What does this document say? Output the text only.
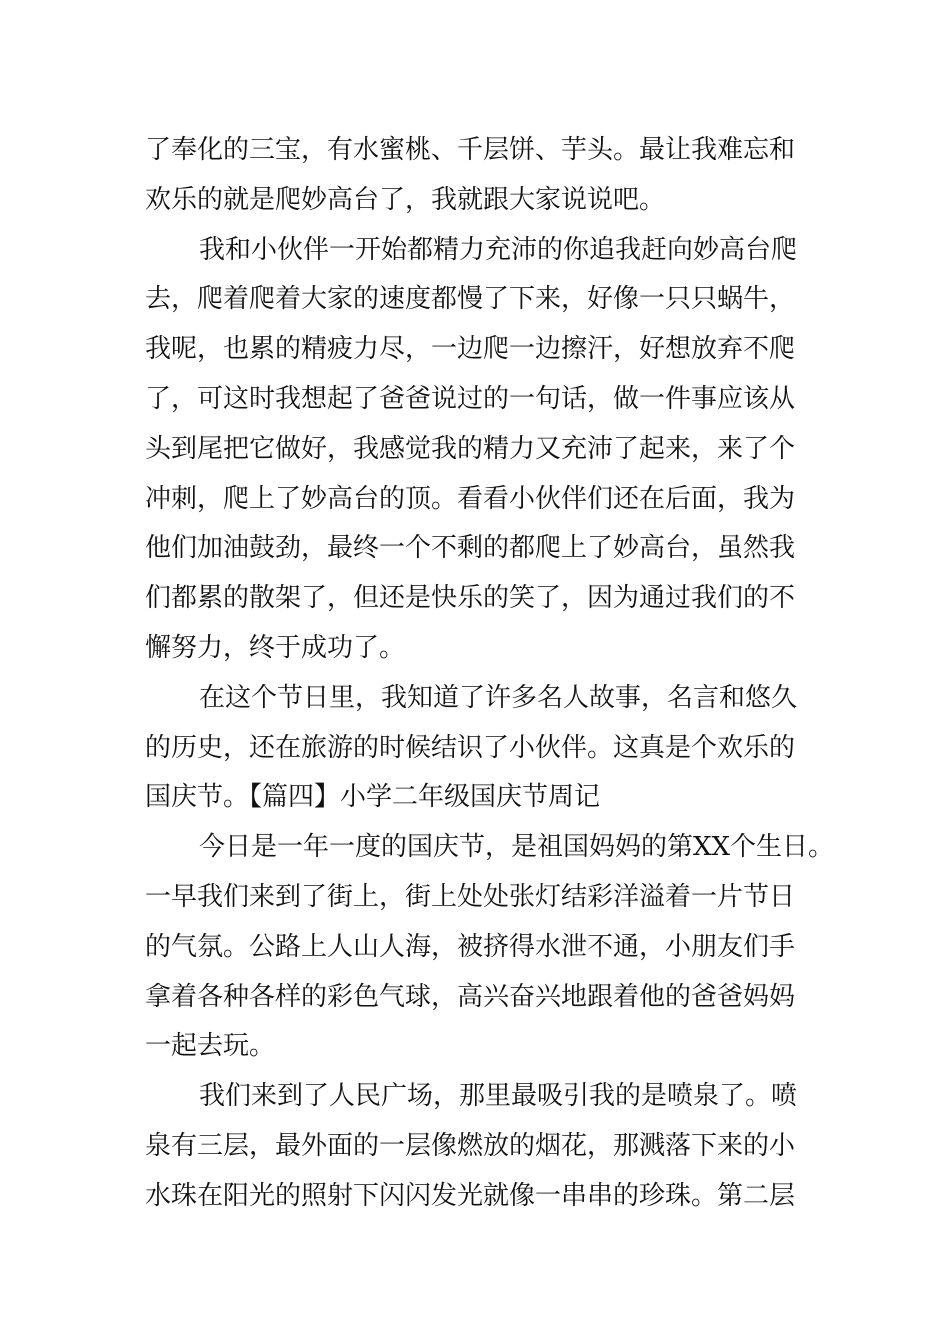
了奉化的三宝，有水蜜桃、千层饼、芋头。最让我难忘和
欢乐的就是爬妙高台了，我就跟大家说说吧。
我和小伙伴一开始都精力充沛的你追我赶向妙高台爬
去，爬着爬着大家的速度都慢了下来，好像一只只蜗牛，
我呢，也累的精疲力尽，一边爬一边擦汗，好想放弃不爬
了，可这时我想起了爸爸说过的一句话，做一件事应该从
头到尾把它做好，我感觉我的精力又充沛了起来，来了个
冲刺，爬上了妙高台的顶。看看小伙伴们还在后面，我为
他们加油鼓劲，最终一个不剩的都爬上了妙高台，虽然我
们都累的散架了，但还是快乐的笑了，因为通过我们的不
懈努力，终于成功了。
在这个节日里，我知道了许多名人故事，名言和悠久
的历史，还在旅游的时候结识了小伙伴。这真是个欢乐的
国庆节。【篇四】小学二年级国庆节周记
今日是一年一度的国庆节，是祖国妈妈的第XX个生日。
一早我们来到了街上，街上处处张灯结彩洋溢着一片节日
的气氛。公路上人山人海，被挤得水泄不通，小朋友们手
拿着各种各样的彩色气球，高兴奋兴地跟着他的爸爸妈妈
一起去玩。
我们来到了人民广场，那里最吸引我的是喷泉了。喷
泉有三层，最外面的一层像燃放的烟花，那溅落下来的小
水珠在阳光的照射下闪闪发光就像一串串的珍珠。第二层
